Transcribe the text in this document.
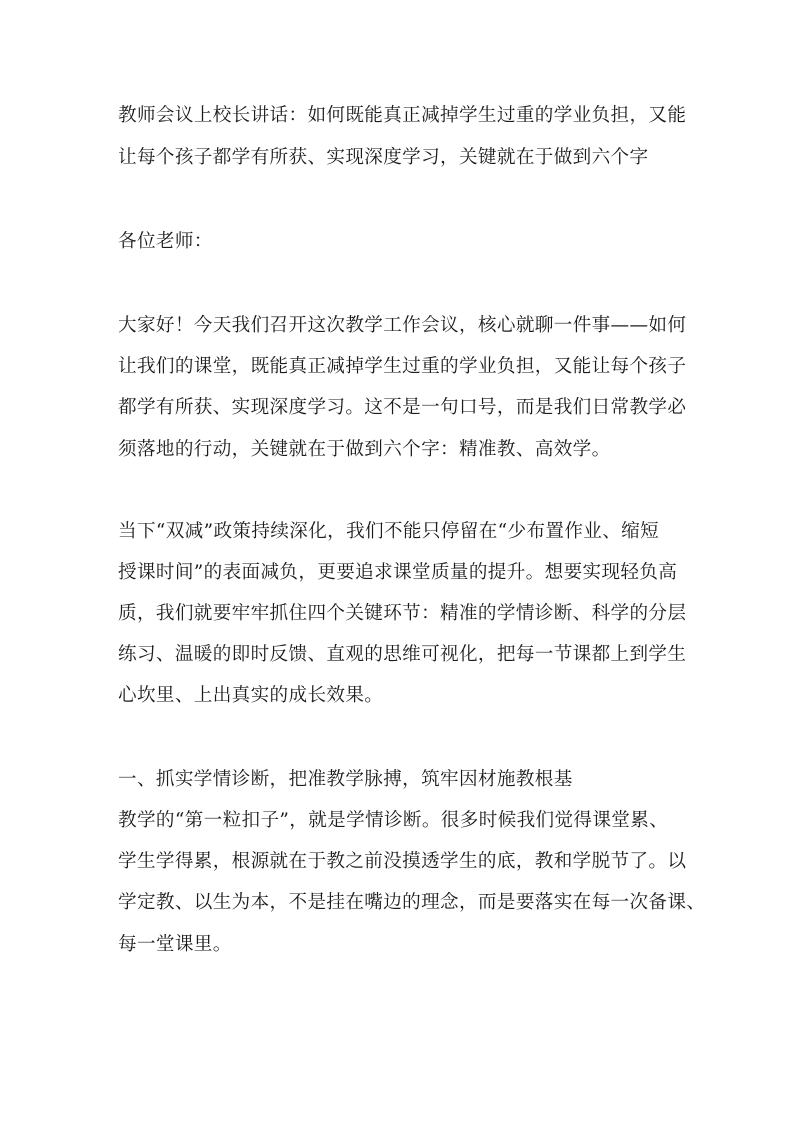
教师会议上校长讲话：如何既能真正减掉学生过重的学业负担，又能
让每个孩子都学有所获、实现深度学习，关键就在于做到六个字
各位老师：
大家好！今天我们召开这次教学工作会议，核心就聊一件事——如何
让我们的课堂，既能真正减掉学生过重的学业负担，又能让每个孩子
都学有所获、实现深度学习。这不是一句口号，而是我们日常教学必
须落地的行动，关键就在于做到六个字：精准教、高效学。
当下“双减”政策持续深化，我们不能只停留在“少布置作业、缩短
授课时间”的表面减负，更要追求课堂质量的提升。想要实现轻负高
质，我们就要牢牢抓住四个关键环节：精准的学情诊断、科学的分层
练习、温暖的即时反馈、直观的思维可视化，把每一节课都上到学生
心坎里、上出真实的成长效果。
一、抓实学情诊断，把准教学脉搏，筑牢因材施教根基
教学的“第一粒扣子”，就是学情诊断。很多时候我们觉得课堂累、
学生学得累，根源就在于教之前没摸透学生的底，教和学脱节了。以
学定教、以生为本，不是挂在嘴边的理念，而是要落实在每一次备课、
每一堂课里。
